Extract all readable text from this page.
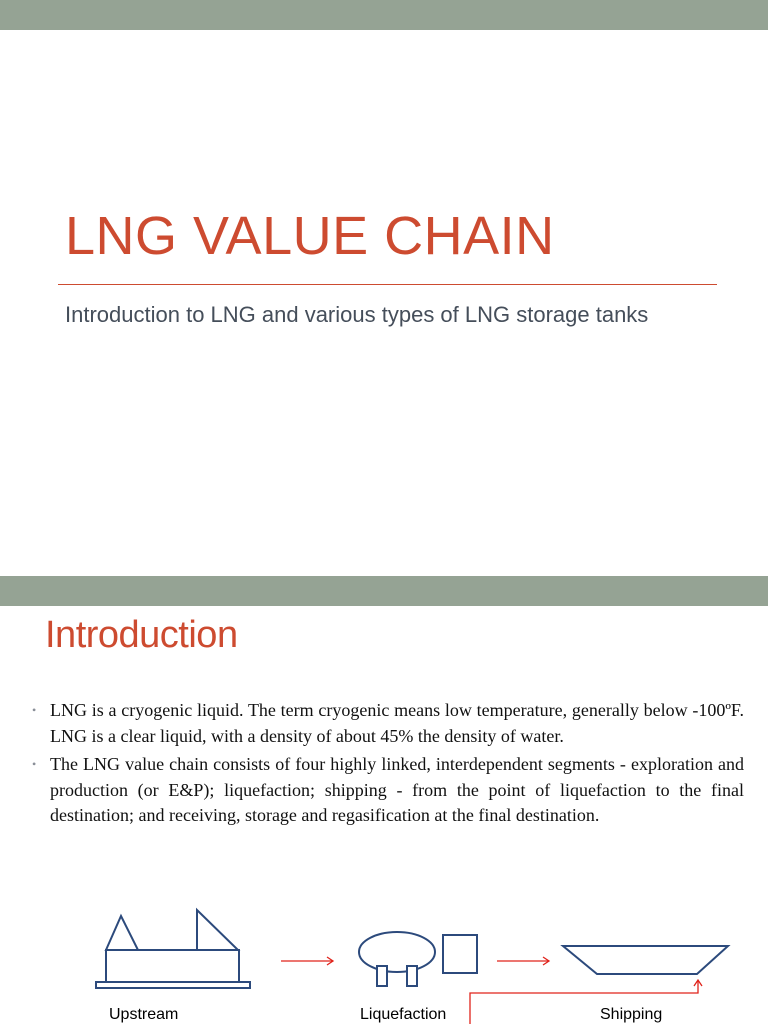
LNG VALUE CHAIN
Introduction to LNG and various types of LNG storage tanks
Introduction
• LNG is a cryogenic liquid. The term cryogenic means low temperature, generally below -100ºF. LNG is a clear liquid, with a density of about 45% the density of water.
• The LNG value chain consists of four highly linked, interdependent segments - exploration and production (or E&P); liquefaction; shipping - from the point of liquefaction to the final destination; and receiving, storage and regasification at the final destination.
Upstream	Liquefaction	Shipping
